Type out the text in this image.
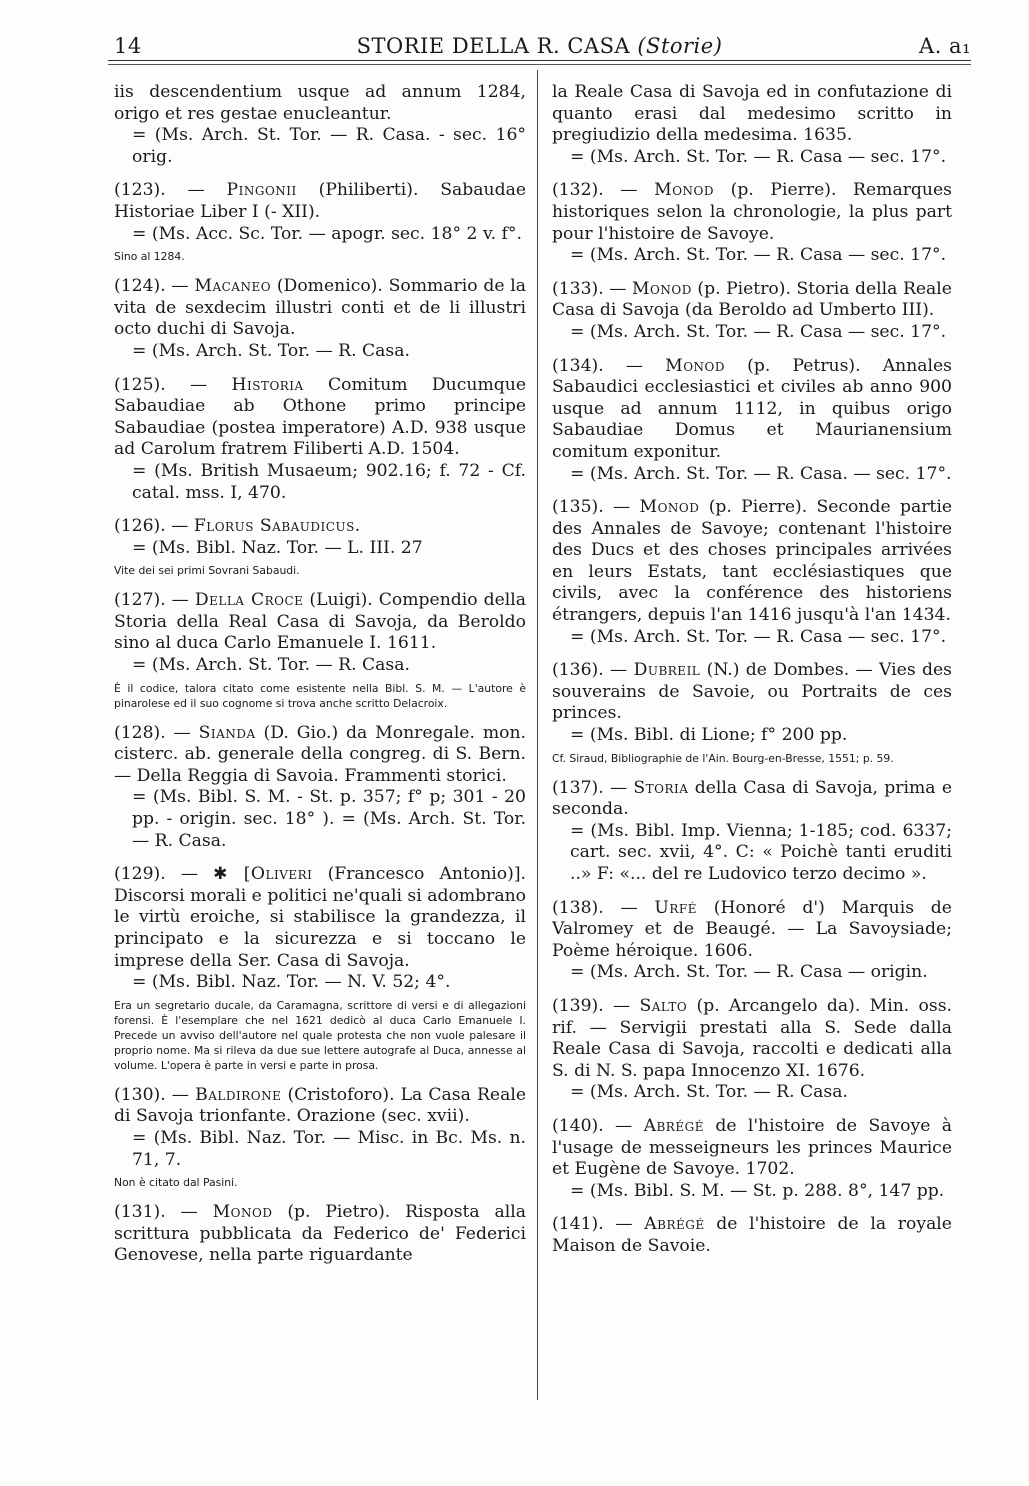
14	STORIE DELLA R. CASA (Storie)	A. a₁
iis descendentium usque ad annum 1284, origo et res gestae enucleantur.
= (Ms. Arch. St. Tor. — R. Casa. - sec. 16° orig.
(123). — Pingonii (Philiberti). Sabaudae Historiae Liber I (- XII).
= (Ms. Acc. Sc. Tor. — apogr. sec. 18° 2 v. f°.
Sino al 1284.
(124). — Macaneo (Domenico). Sommario de la vita de sexdecim illustri conti et de li illustri octo duchi di Savoja.
= (Ms. Arch. St. Tor. — R. Casa.
(125). — Historia Comitum Ducumque Sabaudiae ab Othone primo principe Sabaudiae (postea imperatore) A.D. 938 usque ad Carolum fratrem Filiberti A.D. 1504.
= (Ms. British Musaeum; 902.16; f. 72 - Cf. catal. mss. I, 470.
(126). — Florus Sabaudicus.
= (Ms. Bibl. Naz. Tor. — L. III. 27
Vite dei sei primi Sovrani Sabaudi.
(127). — Della Croce (Luigi). Compendio della Storia della Real Casa di Savoja, da Beroldo sino al duca Carlo Emanuele I. 1611.
= (Ms. Arch. St. Tor. — R. Casa.
È il codice, talora citato come esistente nella Bibl. S. M. — L'autore è pinarolese ed il suo cognome si trova anche scritto Delacroix.
(128). — Sianda (D. Gio.) da Monregale. mon. cisterc. ab. generale della congreg. di S. Bern. — Della Reggia di Savoia. Frammenti storici.
= (Ms. Bibl. S. M. - St. p. 357; f° p; 301 - 20 pp. - origin. sec. 18° ). = (Ms. Arch. St. Tor. — R. Casa.
(129). — ✱ [Oliveri (Francesco Antonio)]. Discorsi morali e politici ne'quali si adombrano le virtù eroiche, si stabilisce la grandezza, il principato e la sicurezza e si toccano le imprese della Ser. Casa di Savoja.
= (Ms. Bibl. Naz. Tor. — N. V. 52; 4°.
Era un segretario ducale, da Caramagna, scrittore di versi e di allegazioni forensi. È l'esemplare che nel 1621 dedicò al duca Carlo Emanuele I. Precede un avviso dell'autore nel quale protesta che non vuole palesare il proprio nome. Ma si rileva da due sue lettere autografe al Duca, annesse al volume. L'opera è parte in versi e parte in prosa.
(130). — Baldirone (Cristoforo). La Casa Reale di Savoja trionfante. Orazione (sec. xvii).
= (Ms. Bibl. Naz. Tor. — Misc. in Bc. Ms. n. 71, 7.
Non è citato dal Pasini.
(131). — Monod (p. Pietro). Risposta alla scrittura pubblicata da Federico de' Federici Genovese, nella parte riguardante
la Reale Casa di Savoja ed in confutazione di quanto erasi dal medesimo scritto in pregiudizio della medesima. 1635.
= (Ms. Arch. St. Tor. — R. Casa — sec. 17°.
(132). — Monod (p. Pierre). Remarques historiques selon la chronologie, la plus part pour l'histoire de Savoye.
= (Ms. Arch. St. Tor. — R. Casa — sec. 17°.
(133). — Monod (p. Pietro). Storia della Reale Casa di Savoja (da Beroldo ad Umberto III).
= (Ms. Arch. St. Tor. — R. Casa — sec. 17°.
(134). — Monod (p. Petrus). Annales Sabaudici ecclesiastici et civiles ab anno 900 usque ad annum 1112, in quibus origo Sabaudiae Domus et Maurianensium comitum exponitur.
= (Ms. Arch. St. Tor. — R. Casa. — sec. 17°.
(135). — Monod (p. Pierre). Seconde partie des Annales de Savoye; contenant l'histoire des Ducs et des choses principales arrivées en leurs Estats, tant ecclésiastiques que civils, avec la conférence des historiens étrangers, depuis l'an 1416 jusqu'à l'an 1434.
= (Ms. Arch. St. Tor. — R. Casa — sec. 17°.
(136). — Dubreil (N.) de Dombes. — Vies des souverains de Savoie, ou Portraits de ces princes.
= (Ms. Bibl. di Lione; f° 200 pp.
Cf. Siraud, Bibliographie de l'Ain. Bourg-en-Bresse, 1551; p. 59.
(137). — Storia della Casa di Savoja, prima e seconda.
= (Ms. Bibl. Imp. Vienna; 1-185; cod. 6337; cart. sec. xvii, 4°. C: « Poichè tanti eruditi ..» F: «... del re Ludovico terzo decimo ».
(138). — Urfé (Honoré d') Marquis de Valromey et de Beaugé. — La Savoysiade; Poème héroique. 1606.
= (Ms. Arch. St. Tor. — R. Casa — origin.
(139). — Salto (p. Arcangelo da). Min. oss. rif. — Servigii prestati alla S. Sede dalla Reale Casa di Savoja, raccolti e dedicati alla S. di N. S. papa Innocenzo XI. 1676.
= (Ms. Arch. St. Tor. — R. Casa.
(140). — Abrégé de l'histoire de Savoye à l'usage de messeigneurs les princes Maurice et Eugène de Savoye. 1702.
= (Ms. Bibl. S. M. — St. p. 288. 8°, 147 pp.
(141). — Abrégé de l'histoire de la royale Maison de Savoie.
